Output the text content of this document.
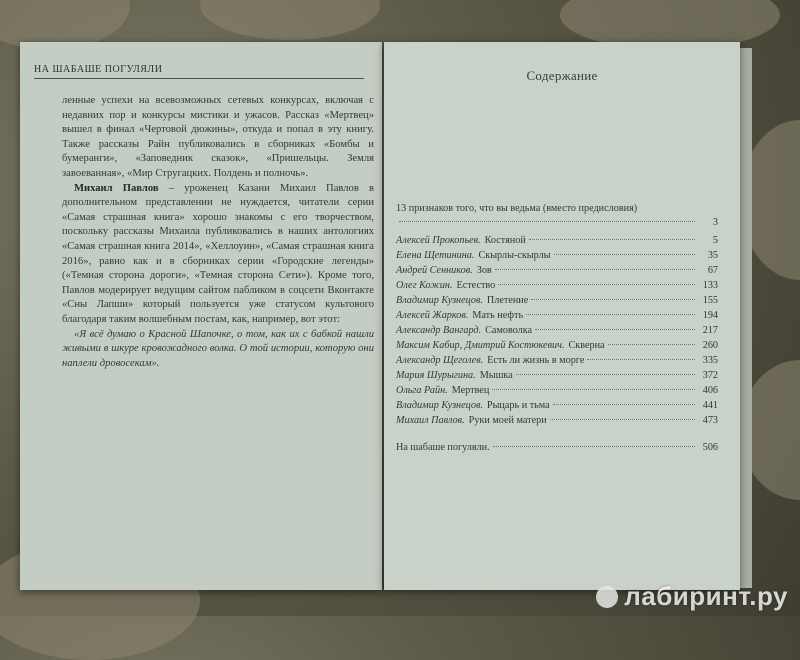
НА ШАБАШЕ ПОГУЛЯЛИ

ленные успехи на всевозможных сетевых конкурсах, включая с недавних пор и конкурсы мистики и ужасов. Рассказ «Мертвец» вышел в финал «Чертовой дюжины», откуда и попал в эту книгу. Также рассказы Райн публиковались в сборниках «Бомбы и бумеранги», «Заповедник сказок», «Пришельцы. Земля завоеванная», «Мир Стругацких. Полдень и полночь».

Михаил Павлов – уроженец Казани Михаил Павлов в дополнительном представлении не нуждается, читатели серии «Самая страшная книга» хорошо знакомы с его творчеством, поскольку рассказы Михаила публиковались в наших антологиях «Самая страшная книга 2014», «Хеллоуин», «Самая страшная книга 2016», равно как и в сборниках серии «Городские легенды» («Темная сторона дороги», «Темная сторона Сети»). Кроме того, Павлов модерирует ведущим сайтом пабликом в соцсети Вконтакте «Сны Лапши» который пользуется уже статусом культового благодаря таким волшебным постам, как, например, вот этот:

«Я всё думаю о Красной Шапочке, о том, как их с бабкой нашли живыми в шкуре кровожадного волка. О той истории, которую они наплели дровосекам».

Содержание
13 признаков того, что вы ведьма (вместо предисловия)
3
Алексей Прокопьев. Костяной	5
Елена Щетинина. Скырлы-скырлы	35
Андрей Сенников. Зов	67
Олег Кожин. Естество	133
Владимир Кузнецов. Плетение	155
Алексей Жарков. Мать нефть	194
Александр Вангард. Самоволка	217
Максим Кабир, Дмитрий Костюкевич. Скверна	260
Александр Щеголев. Есть ли жизнь в морге	335
Мария Шурыгина. Мышка	372
Ольга Райн. Мертвец	406
Владимир Кузнецов. Рыцарь и тьма	441
Михаил Павлов. Руки моей матери	473
На шабаше погуляли.	506
лабиринт.ру
